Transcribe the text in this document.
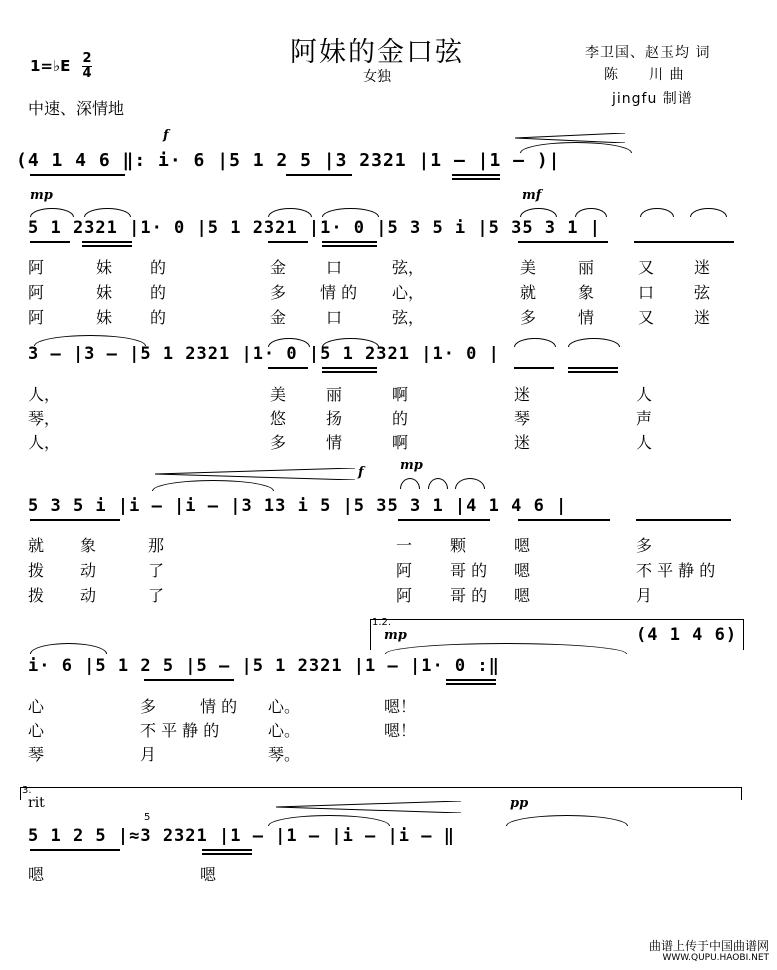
阿妹的金口弦
女独
李卫国、赵玉均 词
陈　　川 曲
jingfu 制谱
1=♭E 2
4
中速、深情地
f
(4 1 4 6 ‖: i· 6 |5 1 2 5 |3 2321 |1 – |1 – )|
mp	mf
5 1 2321 |1· 0 |5 1 2321 |1· 0 |5 3 5 i |5 35 3 1 |
阿	妹 的	金 口	弦，	美	丽	又 迷
阿	妹 的	多 情 的 心，	就	象	口 弦
阿	妹 的	金 口	弦，	多	情	又 迷
3 – |3 – |5 1 2321 |1· 0 |5 1 2321 |1· 0 |
人，	美 丽	啊	迷	人
琴，	悠 扬	的	琴	声
人，	多 情	啊	迷	人
f	mp
5 3 5 i |i – |i – |3 13 i 5 |5 35 3 1 |4 1 4 6 |
就 象	那	一 颗	嗯	多
拨 动	了	阿 哥 的 嗯	不 平 静 的
拨 动	了	阿 哥 的 嗯	月
1.2.
mp	(4 1 4 6)
i· 6 |5 1 2 5 |5 – |5 1 2321 |1 – |1· 0 :‖
心	多	情 的 心。	嗯！
心	不 平 静 的	心。	嗯！
琴	月	琴。
3.
rit	pp
5
5 1 2 5 |≈3 2321 |1 – |1 – |i – |i – ‖
嗯	嗯
曲谱上传于中国曲谱网
WWW.QUPU.HAOBI.NET
